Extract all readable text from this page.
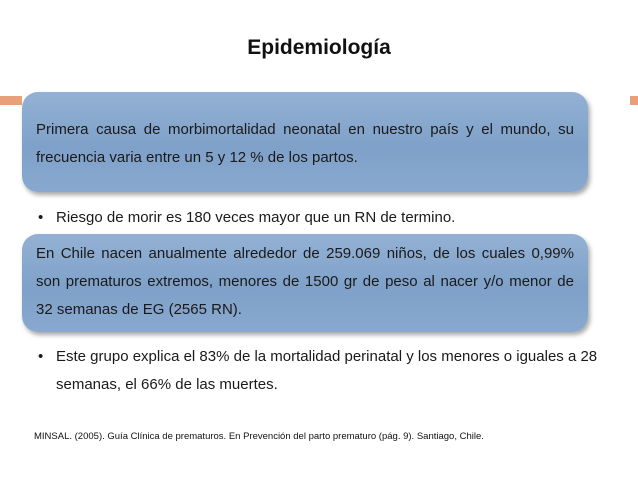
Epidemiología
Primera causa de morbimortalidad neonatal en nuestro país y el mundo, su frecuencia varia entre un 5 y 12 % de los partos.
• Riesgo de morir es 180 veces mayor que un RN de termino.
En Chile nacen anualmente alrededor de 259.069 niños, de los cuales 0,99% son prematuros extremos, menores de 1500 gr de peso al nacer y/o menor de 32 semanas de EG (2565 RN).
• Este grupo explica el 83% de la mortalidad perinatal y los menores o iguales a 28 semanas, el 66% de las muertes.
MINSAL. (2005). Guía Clínica de prematuros. En Prevención del parto prematuro (pág. 9). Santiago, Chile.
